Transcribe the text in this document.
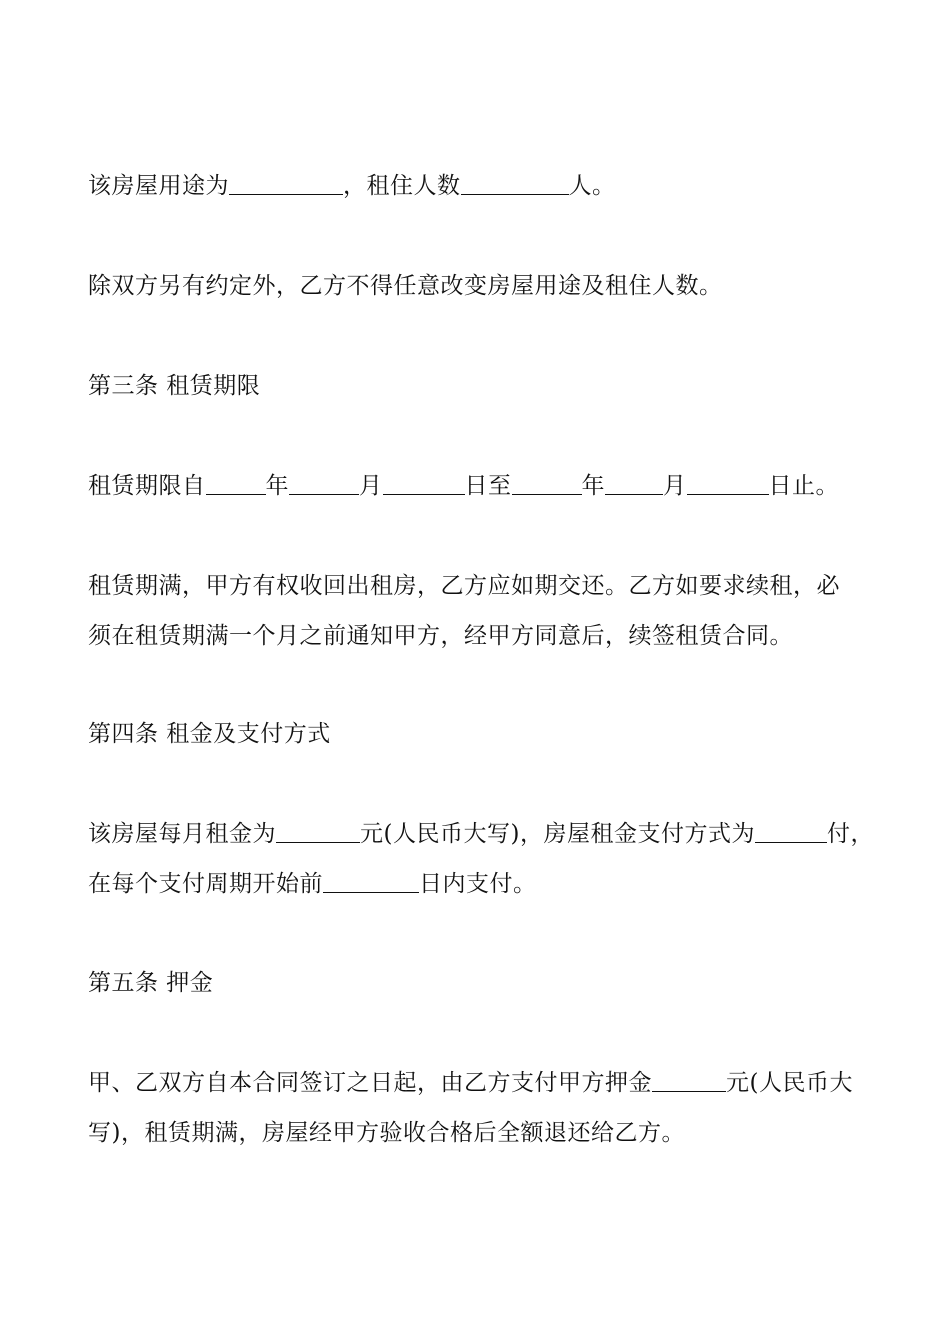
该房屋用途为	，租住人数	人。
除双方另有约定外，乙方不得任意改变房屋用途及租住人数。
第三条 租赁期限
租赁期限自	年	月	日至	年	月	日止。
租赁期满，甲方有权收回出租房，乙方应如期交还。乙方如要求续租，必
须在租赁期满一个月之前通知甲方，经甲方同意后，续签租赁合同。
第四条 租金及支付方式
该房屋每月租金为	元(人民币大写)，房屋租金支付方式为	付，
在每个支付周期开始前	日内支付。
第五条 押金
甲、乙双方自本合同签订之日起，由乙方支付甲方押金	元(人民币大
写)，租赁期满，房屋经甲方验收合格后全额退还给乙方。
